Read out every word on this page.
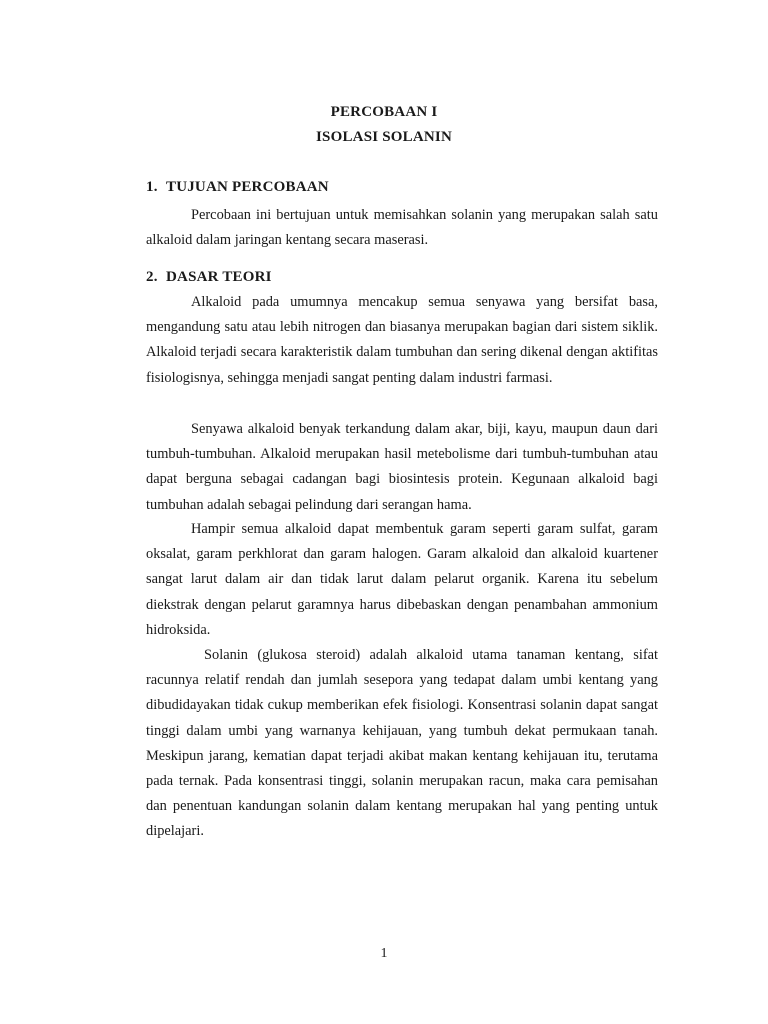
PERCOBAAN I
ISOLASI SOLANIN
1. TUJUAN PERCOBAAN

Percobaan ini bertujuan untuk memisahkan solanin yang merupakan salah satu alkaloid dalam jaringan kentang secara maserasi.

2. DASAR TEORI

Alkaloid pada umumnya mencakup semua senyawa yang bersifat basa, mengandung satu atau lebih nitrogen dan biasanya merupakan bagian dari sistem siklik. Alkaloid terjadi secara karakteristik dalam tumbuhan dan sering dikenal dengan aktifitas fisiologisnya, sehingga menjadi sangat penting dalam industri farmasi.

Senyawa alkaloid benyak terkandung dalam akar, biji, kayu, maupun daun dari tumbuh-tumbuhan. Alkaloid merupakan hasil metebolisme dari tumbuh-tumbuhan atau dapat berguna sebagai cadangan bagi biosintesis protein. Kegunaan alkaloid bagi tumbuhan adalah sebagai pelindung dari serangan hama.

Hampir semua alkaloid dapat membentuk garam seperti garam sulfat, garam oksalat, garam perkhlorat dan garam halogen. Garam alkaloid dan alkaloid kuartener sangat larut dalam air dan tidak larut dalam pelarut organik. Karena itu sebelum diekstrak dengan pelarut garamnya harus dibebaskan dengan penambahan ammonium hidroksida.

Solanin (glukosa steroid) adalah alkaloid utama tanaman kentang, sifat racunnya relatif rendah dan jumlah sesepora yang tedapat dalam umbi kentang yang dibudidayakan tidak cukup memberikan efek fisiologi. Konsentrasi solanin dapat sangat tinggi dalam umbi yang warnanya kehijauan, yang tumbuh dekat permukaan tanah. Meskipun jarang, kematian dapat terjadi akibat makan kentang kehijauan itu, terutama pada ternak. Pada konsentrasi tinggi, solanin merupakan racun, maka cara pemisahan dan penentuan kandungan solanin dalam kentang merupakan hal yang penting untuk dipelajari.

1
